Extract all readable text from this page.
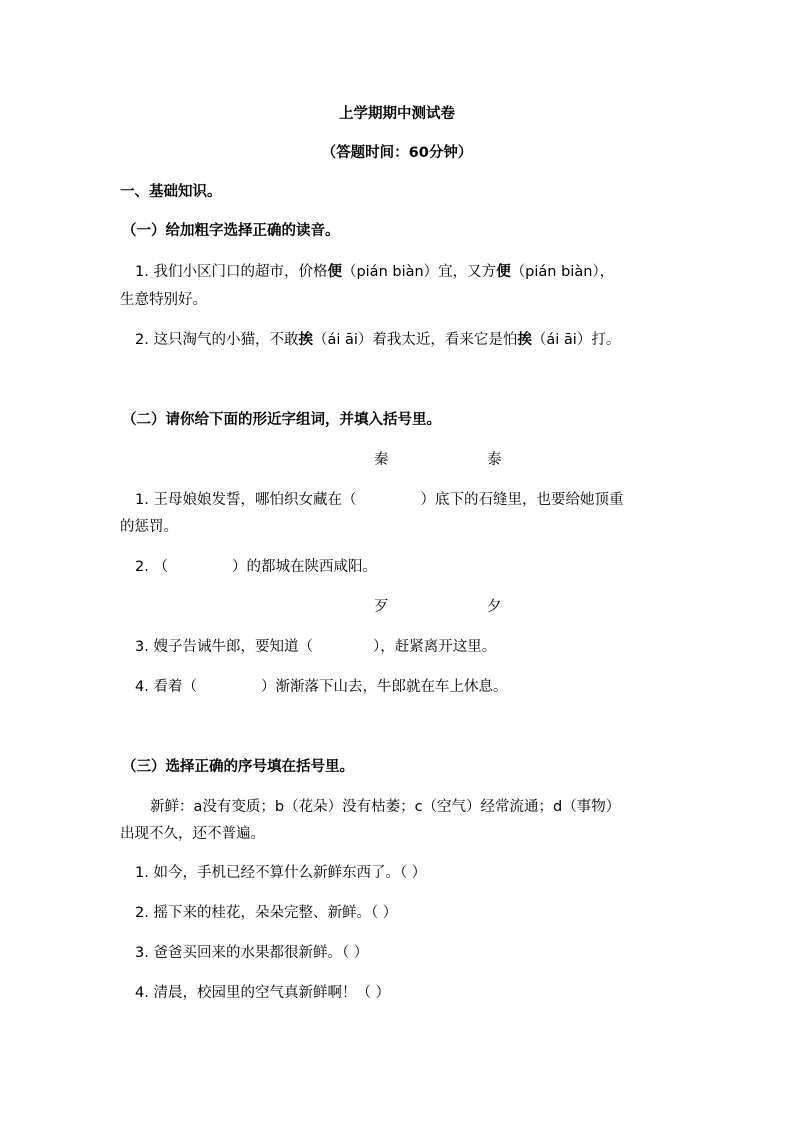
上学期期中测试卷
（答题时间：60分钟）
一、基础知识。
（一）给加粗字选择正确的读音。
1. 我们小区门口的超市，价格便（pián biàn）宜，又方便（pián biàn），
生意特别好。
2. 这只淘气的小猫，不敢挨（ái āi）着我太近，看来它是怕挨（ái āi）打。
（二）请你给下面的形近字组词，并填入括号里。
秦	泰
1. 王母娘娘发誓，哪怕织女藏在（	）底下的石缝里，也要给她顶重
的惩罚。
2. （	）的都城在陕西咸阳。
歹	夕
3. 嫂子告诫牛郎，要知道（	），赶紧离开这里。
4. 看着（	）渐渐落下山去，牛郎就在车上休息。
（三）选择正确的序号填在括号里。
新鲜：a没有变质；b（花朵）没有枯萎；c（空气）经常流通；d（事物）
出现不久，还不普遍。
1. 如今，手机已经不算什么新鲜东西了。（ ）
2. 摇下来的桂花，朵朵完整、新鲜。（ ）
3. 爸爸买回来的水果都很新鲜。（ ）
4. 清晨，校园里的空气真新鲜啊！（ ）
